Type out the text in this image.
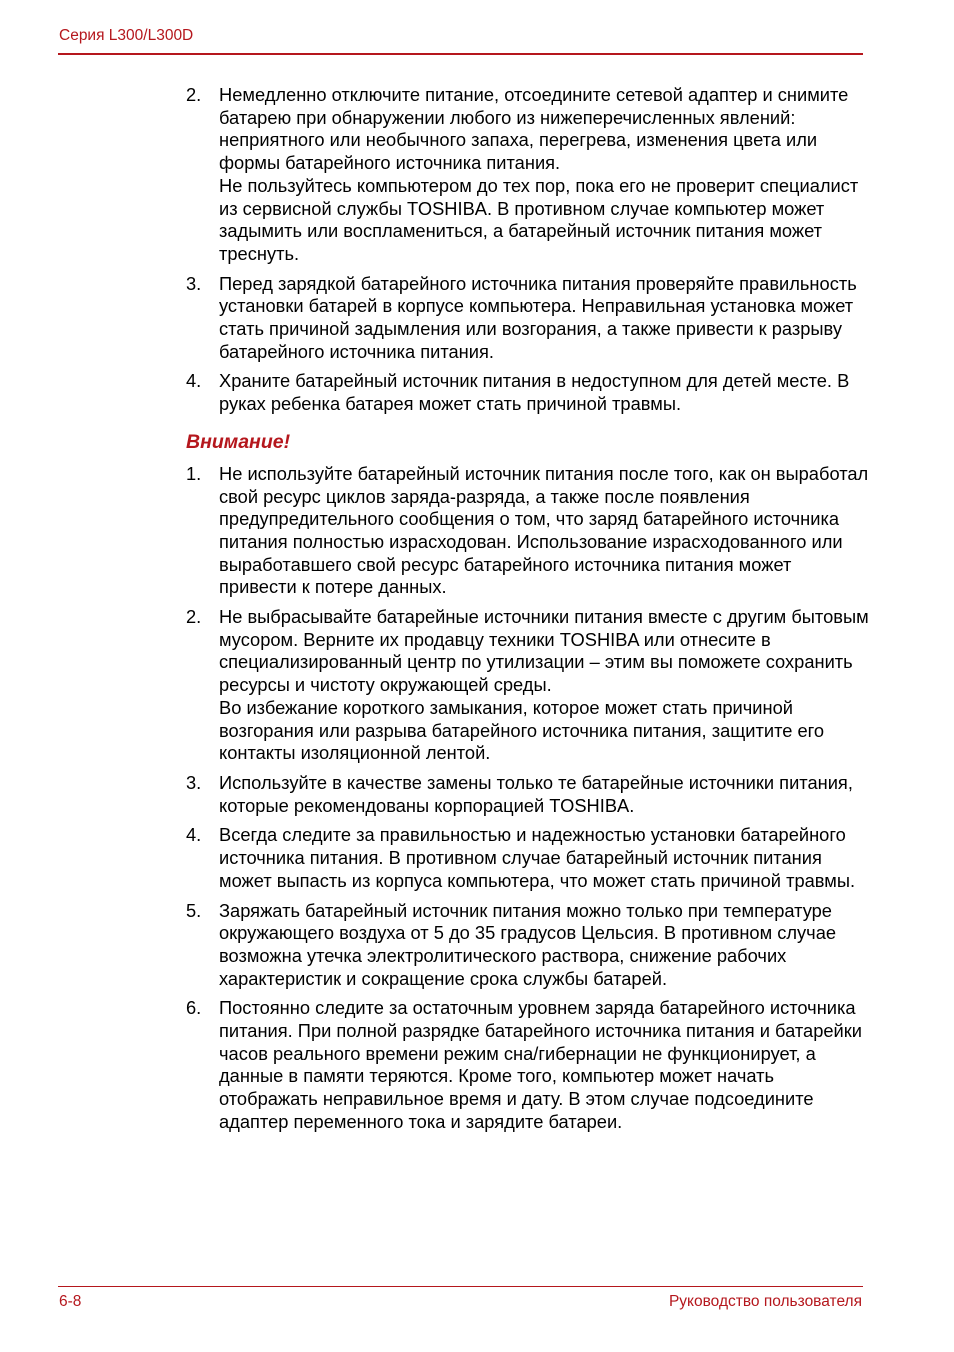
Серия L300/L300D
2. Немедленно отключите питание, отсоедините сетевой адаптер и снимите батарею при обнаружении любого из нижеперечисленных явлений: неприятного или необычного запаха, перегрева, изменения цвета или формы батарейного источника питания.
Не пользуйтесь компьютером до тех пор, пока его не проверит специалист из сервисной службы TOSHIBA. В противном случае компьютер может задымить или воспламениться, а батарейный источник питания может треснуть.
3. Перед зарядкой батарейного источника питания проверяйте правильность установки батарей в корпусе компьютера. Неправильная установка может стать причиной задымления или возгорания, а также привести к разрыву батарейного источника питания.
4. Храните батарейный источник питания в недоступном для детей месте. В руках ребенка батарея может стать причиной травмы.
Внимание!
1. Не используйте батарейный источник питания после того, как он выработал свой ресурс циклов заряда-разряда, а также после появления предупредительного сообщения о том, что заряд батарейного источника питания полностью израсходован. Использование израсходованного или выработавшего свой ресурс батарейного источника питания может привести к потере данных.
2. Не выбрасывайте батарейные источники питания вместе с другим бытовым мусором. Верните их продавцу техники TOSHIBA или отнесите в специализированный центр по утилизации – этим вы поможете сохранить ресурсы и чистоту окружающей среды.
Во избежание короткого замыкания, которое может стать причиной возгорания или разрыва батарейного источника питания, защитите его контакты изоляционной лентой.
3. Используйте в качестве замены только те батарейные источники питания, которые рекомендованы корпорацией TOSHIBA.
4. Всегда следите за правильностью и надежностью установки батарейного источника питания. В противном случае батарейный источник питания может выпасть из корпуса компьютера, что может стать причиной травмы.
5. Заряжать батарейный источник питания можно только при температуре окружающего воздуха от 5 до 35 градусов Цельсия. В противном случае возможна утечка электролитического раствора, снижение рабочих характеристик и сокращение срока службы батарей.
6. Постоянно следите за остаточным уровнем заряда батарейного источника питания. При полной разрядке батарейного источника питания и батарейки часов реального времени режим сна/гибернации не функционирует, а данные в памяти теряются. Кроме того, компьютер может начать отображать неправильное время и дату. В этом случае подсоедините адаптер переменного тока и зарядите батареи.
6-8	Руководство пользователя
